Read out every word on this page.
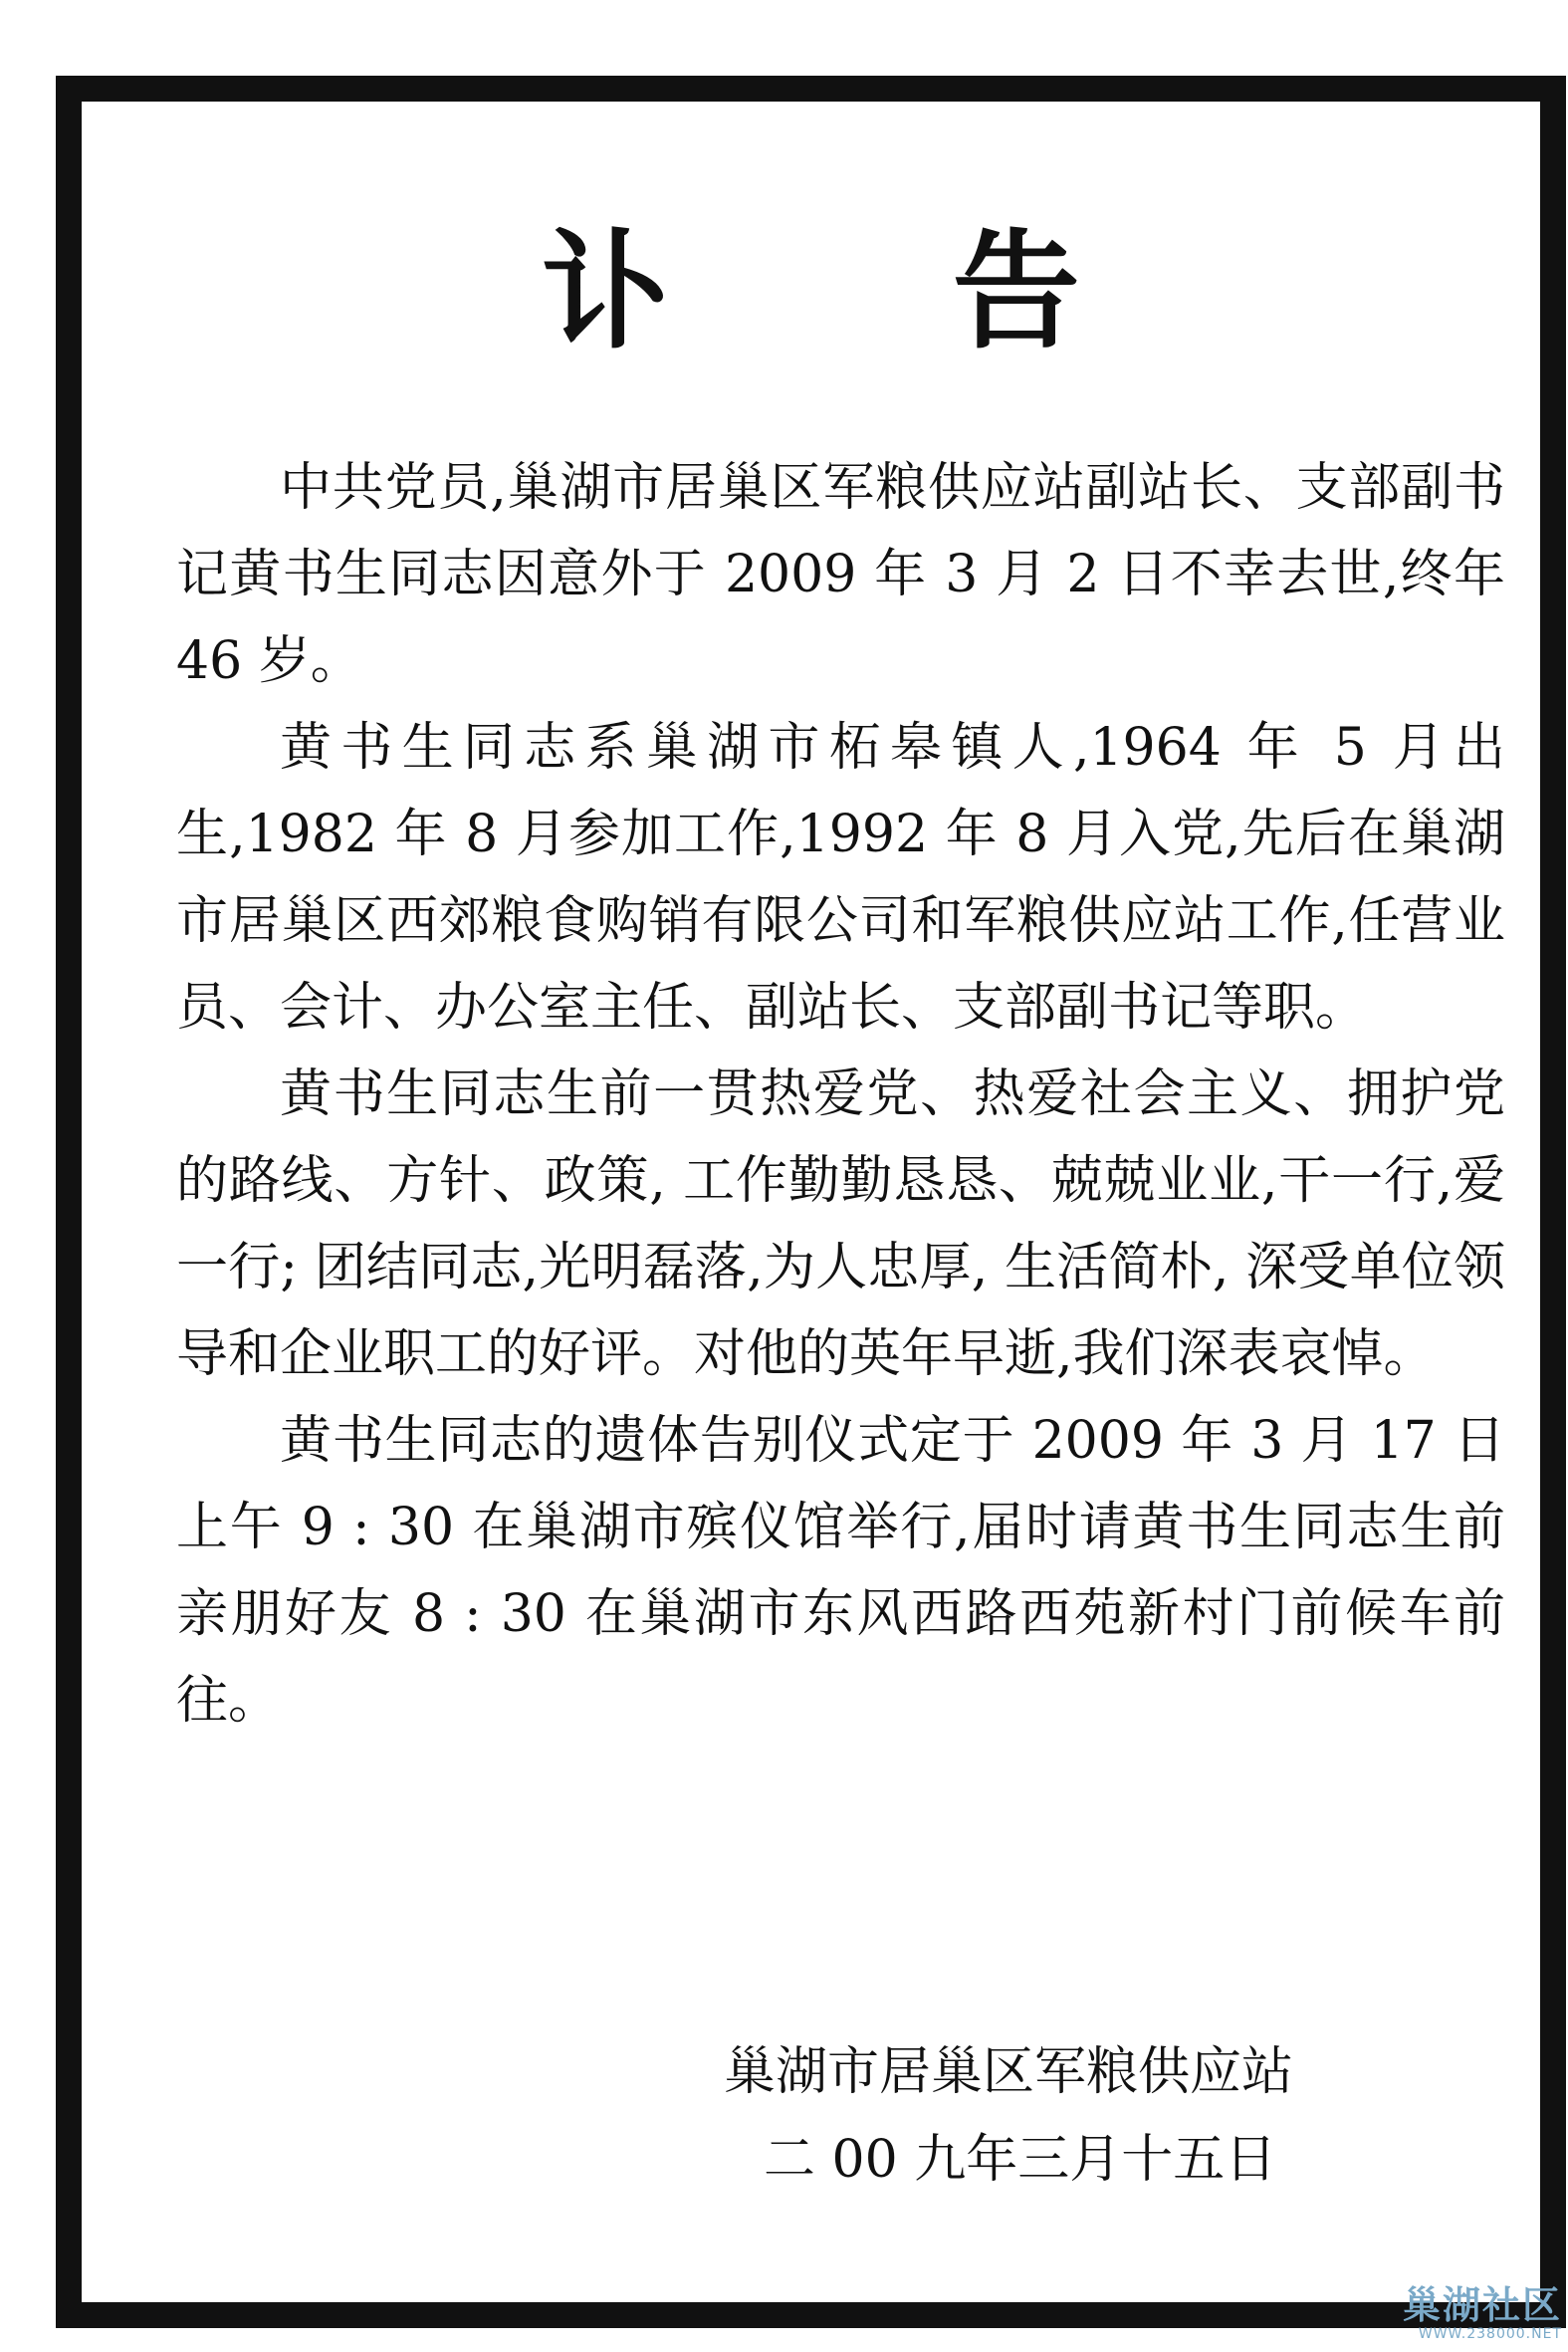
讣 告

中共党员,巢湖市居巢区军粮供应站副站长、支部副书记黄书生同志因意外于 2009 年 3 月 2 日不幸去世,终年 46 岁。

黄书生同志系巢湖市柘皋镇人,1964 年 5 月出生,1982 年 8 月参加工作,1992 年 8 月入党,先后在巢湖市居巢区西郊粮食购销有限公司和军粮供应站工作,任营业员、会计、办公室主任、副站长、支部副书记等职。

黄书生同志生前一贯热爱党、热爱社会主义、拥护党的路线、方针、政策, 工作勤勤恳恳、兢兢业业,干一行,爱一行; 团结同志,光明磊落,为人忠厚, 生活简朴, 深受单位领导和企业职工的好评。对他的英年早逝,我们深表哀悼。

黄书生同志的遗体告别仪式定于 2009 年 3 月 17 日上午 9 : 30 在巢湖市殡仪馆举行,届时请黄书生同志生前亲朋好友 8 : 30 在巢湖市东风西路西苑新村门前候车前往。

巢湖市居巢区军粮供应站
二 00 九年三月十五日
巢湖社区
WWW.238000.NET
